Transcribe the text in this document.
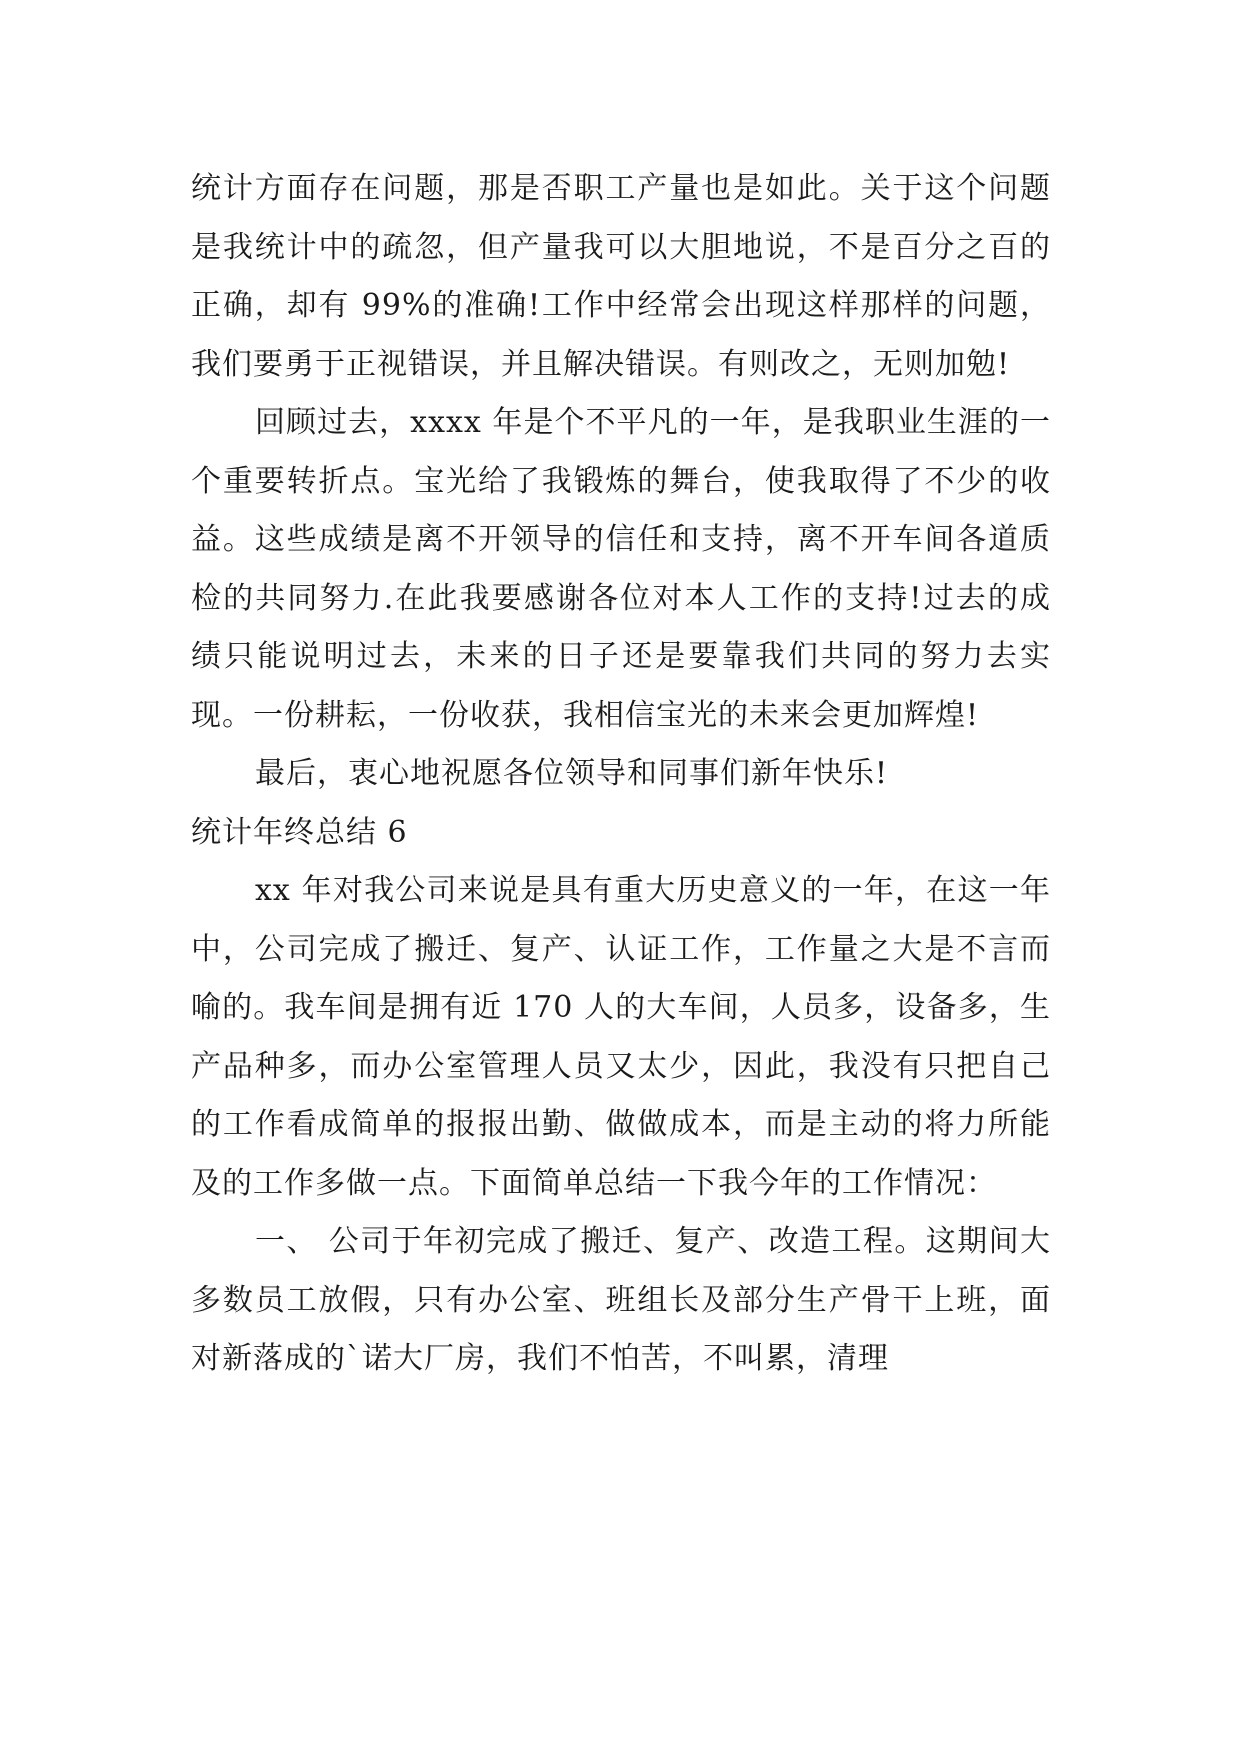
统计方面存在问题，那是否职工产量也是如此。关于这个问题是我统计中的疏忽，但产量我可以大胆地说，不是百分之百的正确，却有 99%的准确!工作中经常会出现这样那样的问题，我们要勇于正视错误，并且解决错误。有则改之，无则加勉!

回顾过去，xxxx 年是个不平凡的一年，是我职业生涯的一个重要转折点。宝光给了我锻炼的舞台，使我取得了不少的收益。这些成绩是离不开领导的信任和支持，离不开车间各道质检的共同努力.在此我要感谢各位对本人工作的支持!过去的成绩只能说明过去，未来的日子还是要靠我们共同的努力去实现。一份耕耘，一份收获，我相信宝光的未来会更加辉煌!

最后，衷心地祝愿各位领导和同事们新年快乐!

统计年终总结 6

xx 年对我公司来说是具有重大历史意义的一年，在这一年中，公司完成了搬迁、复产、认证工作，工作量之大是不言而喻的。我车间是拥有近 170 人的大车间，人员多，设备多，生产品种多，而办公室管理人员又太少，因此，我没有只把自己的工作看成简单的报报出勤、做做成本，而是主动的将力所能及的工作多做一点。下面简单总结一下我今年的工作情况：

一、 公司于年初完成了搬迁、复产、改造工程。这期间大多数员工放假，只有办公室、班组长及部分生产骨干上班，面对新落成的`诺大厂房，我们不怕苦，不叫累，清理
